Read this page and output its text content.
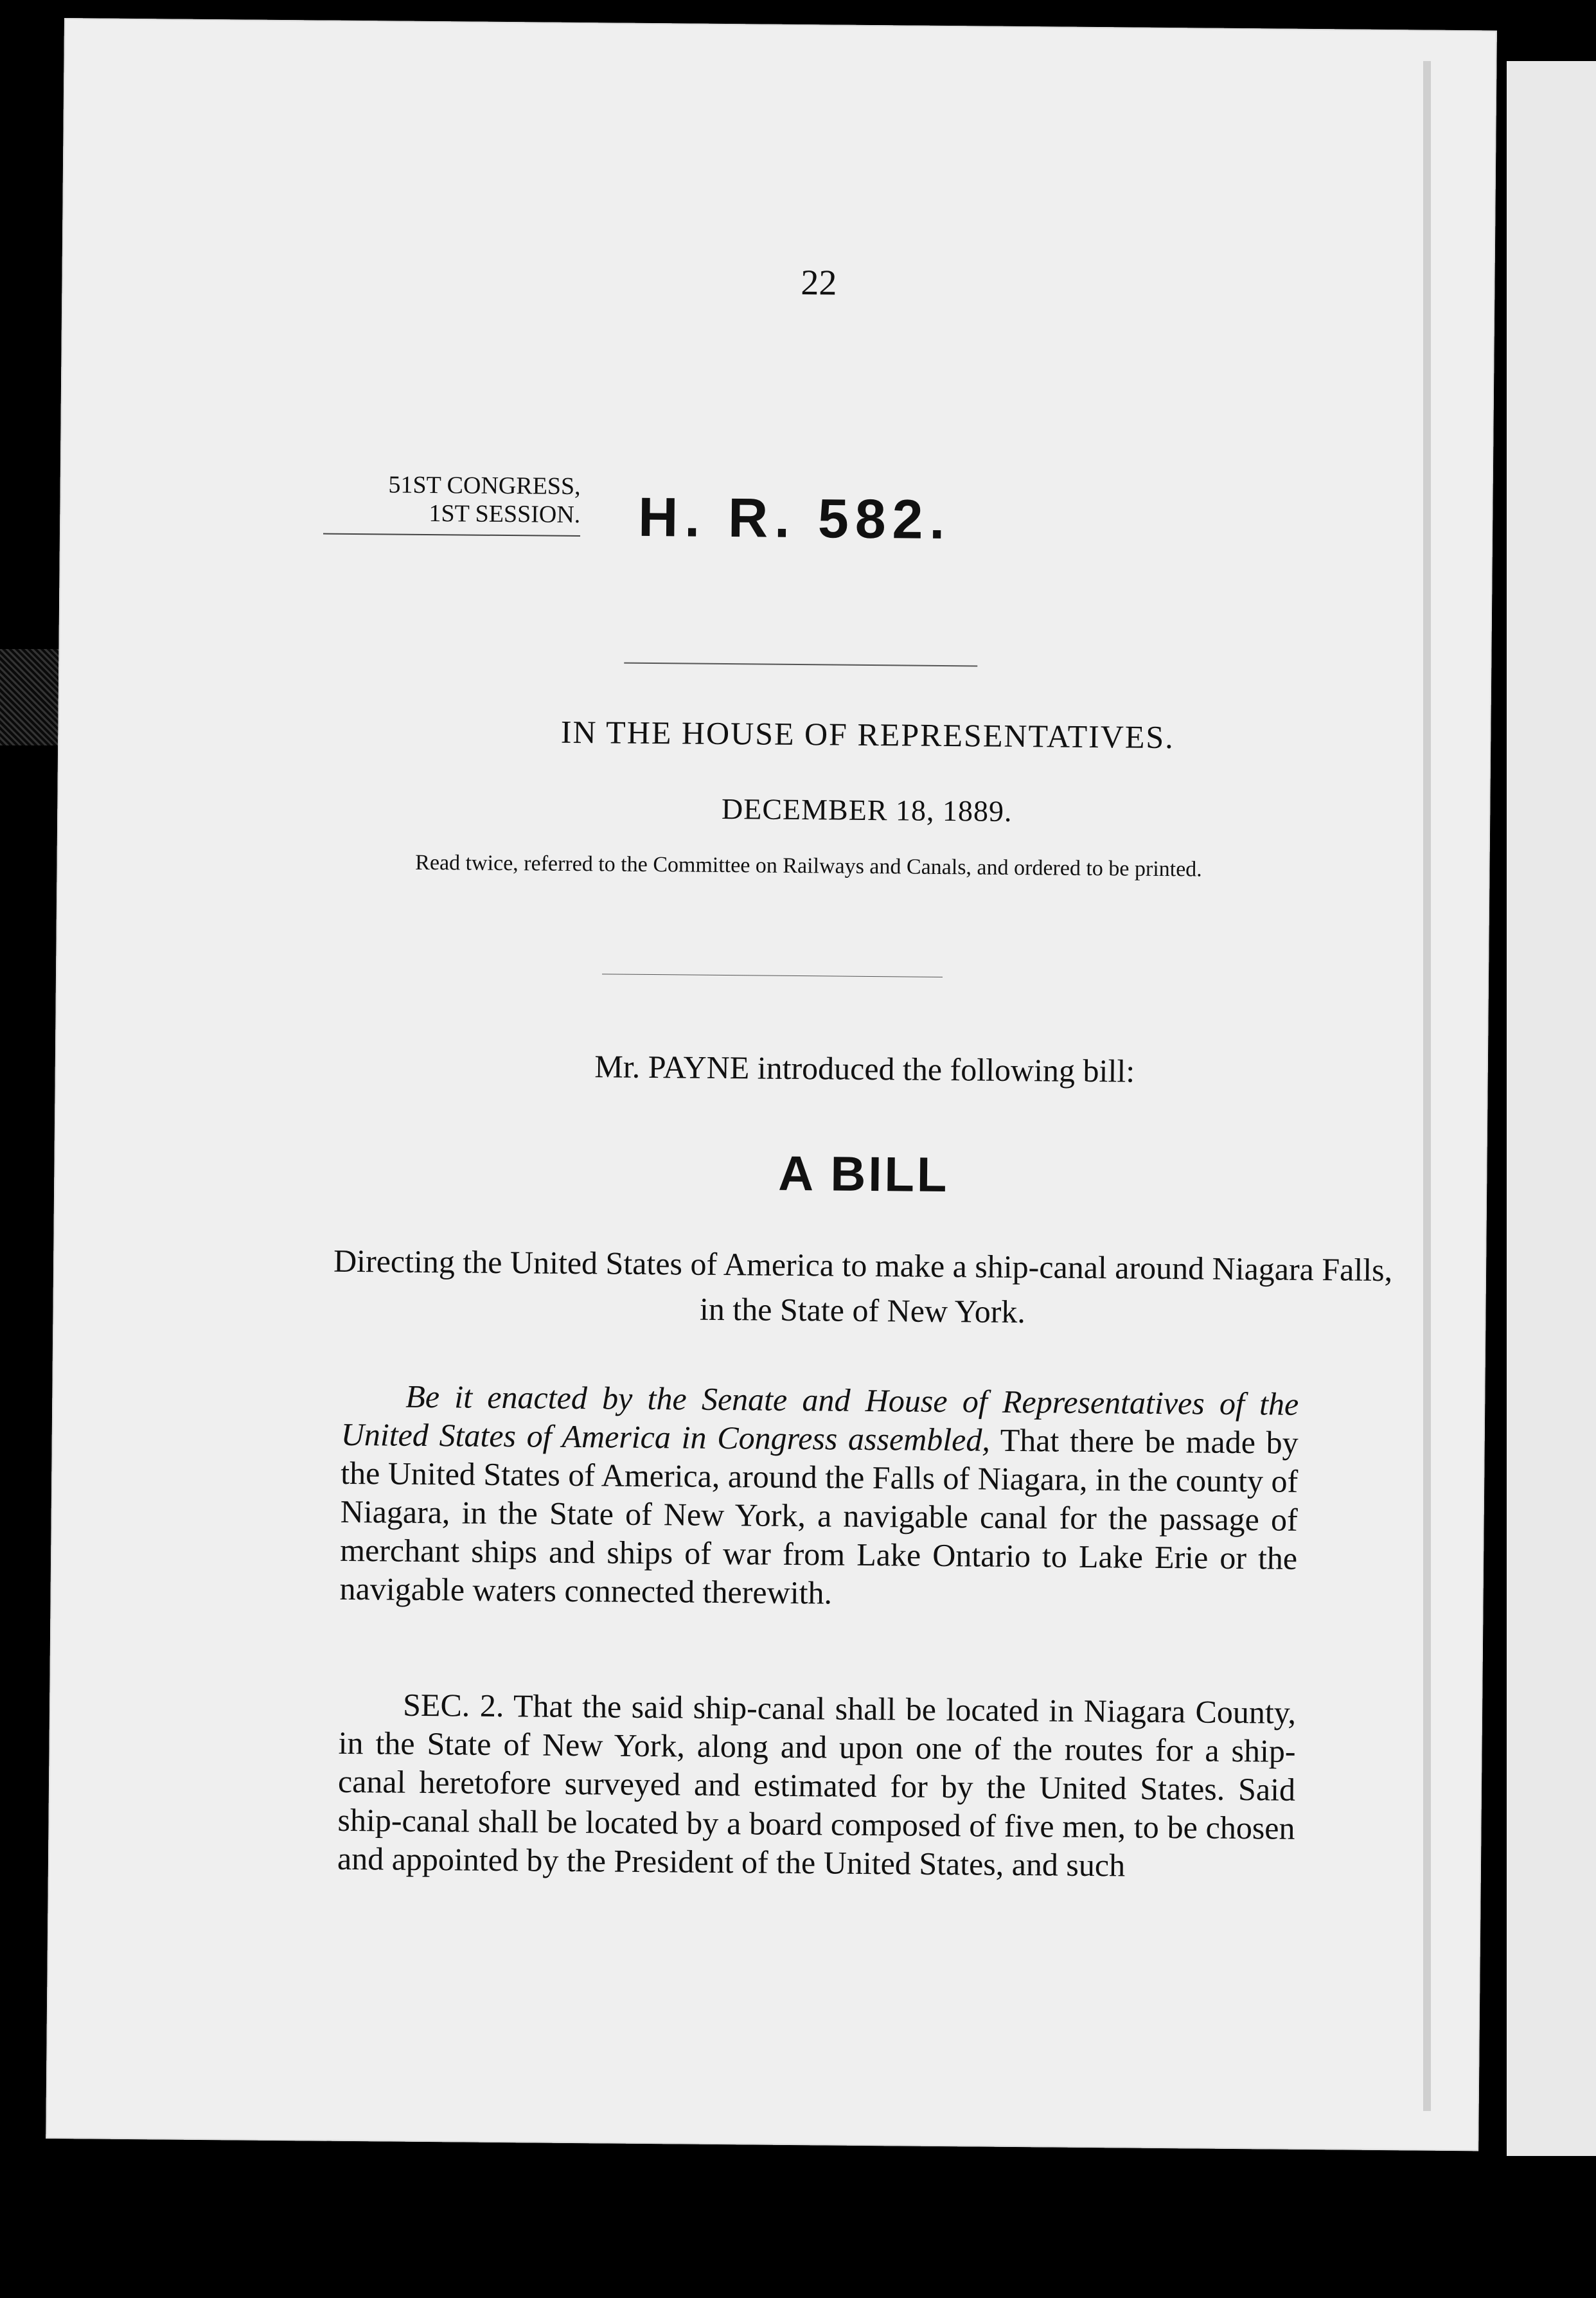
22
51ST CONGRESS,
1ST SESSION. H. R. 582.
IN THE HOUSE OF REPRESENTATIVES.
DECEMBER 18, 1889.
Read twice, referred to the Committee on Railways and Canals, and ordered to be printed.
Mr. PAYNE introduced the following bill:
A BILL
Directing the United States of America to make a ship-canal around Niagara Falls, in the State of New York.
Be it enacted by the Senate and House of Representatives of the United States of America in Congress assembled, That there be made by the United States of America, around the Falls of Niagara, in the county of Niagara, in the State of New York, a navigable canal for the passage of merchant ships and ships of war from Lake Ontario to Lake Erie or the navigable waters connected therewith.
SEC. 2. That the said ship-canal shall be located in Niagara County, in the State of New York, along and upon one of the routes for a ship-canal heretofore surveyed and estimated for by the United States. Said ship-canal shall be located by a board composed of five men, to be chosen and appointed by the President of the United States, and such
